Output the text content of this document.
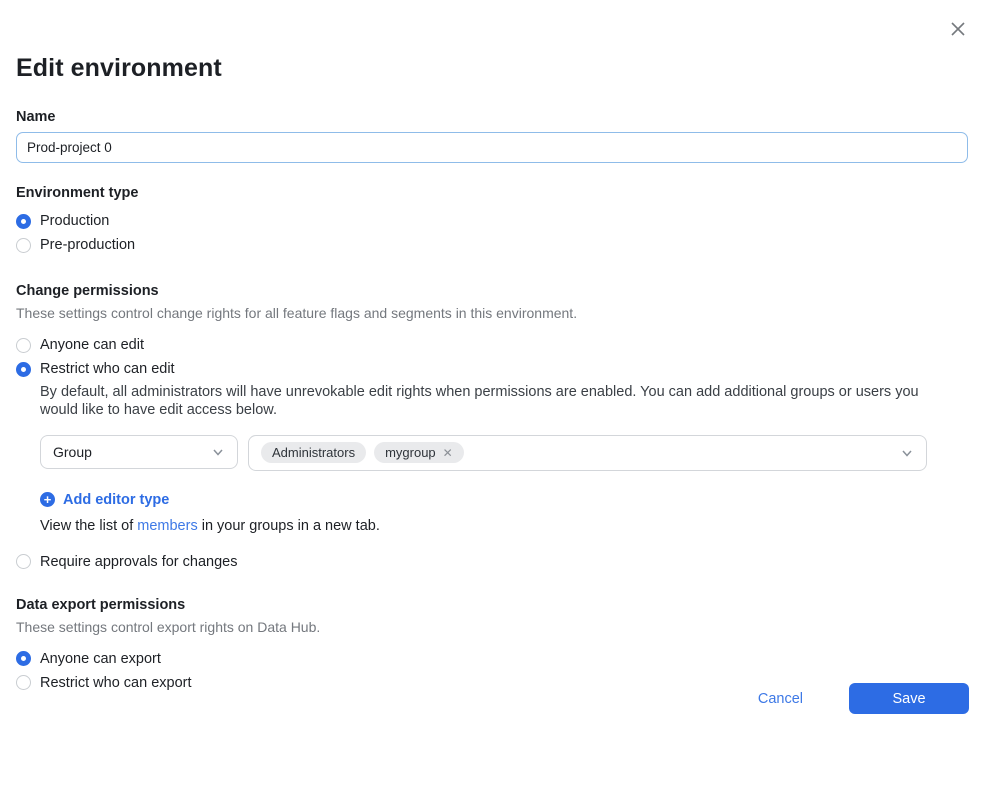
Edit environment
Name
Prod-project 0
Environment type
Production
Pre-production
Change permissions
These settings control change rights for all feature flags and segments in this environment.
Anyone can edit
Restrict who can edit
By default, all administrators will have unrevokable edit rights when permissions are enabled. You can add additional groups or users you would like to have edit access below.
Group	Administrators mygroup ✕
+ Add editor type
View the list of members in your groups in a new tab.
Require approvals for changes
Data export permissions
These settings control export rights on Data Hub.
Anyone can export
Restrict who can export
Cancel	Save
